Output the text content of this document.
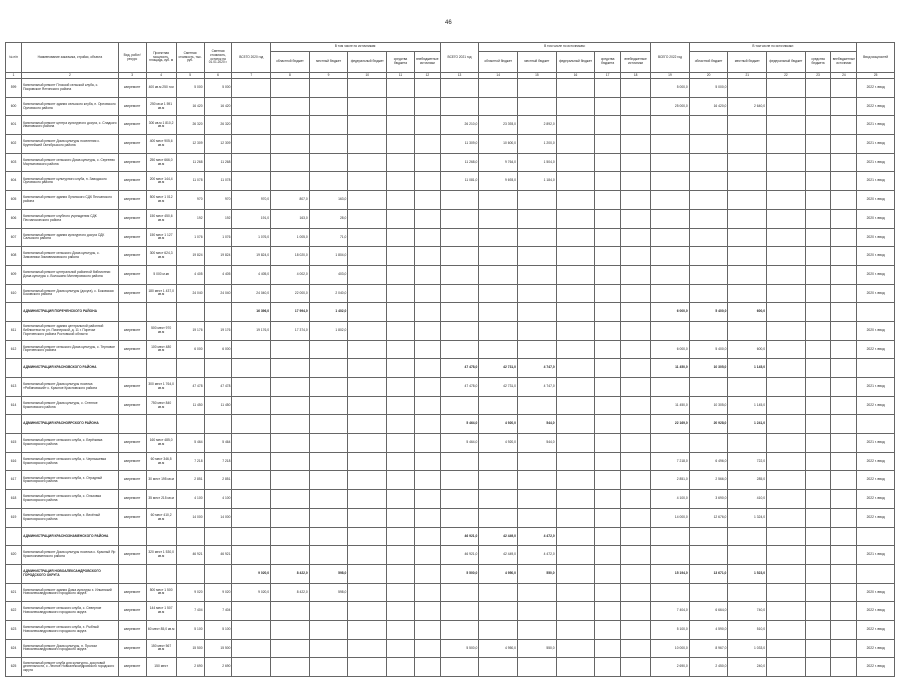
46
№ п/п	Наименование заказчика, стройки, объекта	Вид, работ/ ресурс	Проектная мощность, площадь, куб. м	Сметная стоимость, тыс. руб.	Сметная стоимость, остаток на 01.01.2020 г.	ВСЕГО 2020 год	В том числе по источникам:					ВСЕГО 2021 год	В том числе по источникам:					ВСЕГО 2022 год	В том числе по источникам:					Ввод мощностей
							областной бюджет	местный бюджет	федеральный бюджет	средства бюджета	внебюджетные источники		областной бюджет	местный бюджет	федеральный бюджет	средства бюджета	внебюджетные источники		областной бюджет	местный бюджет	федеральный бюджет	средства бюджета	внебюджетные источники	
1	2	3	4	5	6	7	8	9	10	11	12	13	14	15	16	17	18	19	20	21	22	23	24	25
599	Капитальный ремонт Плоской сельской клуба, с. Покровское Ялтинского района	капремонт	400 кв.м 250 п.м	5 000	5 000													5 000,0	5 000,0					2022 г. ввод
600	Капитальный ремонт здания сельского клуба, п. Орловского Орловского района	капремонт	250 кв.м 1 591 кв.м	16 420	16 420													25 000,0	16 420,0	2 640,0				2022 г. ввод
601	Капитальный ремонт центра культурного досуга, с. Сладкого Ивановского района	капремонт	300 кв.м 1 810,2 кв.м	26 320	26 320							26 210,0	23 393,0	2 892,0										2021 г. ввод
602	Капитальный ремонт Дома культуры поселения с. Крупнейшей Октябрьского района	капремонт	400 мест 905,6 кв.м	12 309	12 309							11 309,0	10 600,0	1 200,0										2021 г. ввод
603	Капитальный ремонт сельского Дома культуры, с. Сергеево Мартыновского района	капремонт	250 мест 666,0 кв.м	11 268	11 268							11 268,0	9 764,0	1 504,0										2021 г. ввод
604	Капитальный ремонт культурного клуба, п. Заводского Орловского района	капремонт	200 мест 144,4 кв.м	11 078	11 078							11 081,0	9 693,0	1 184,0										2021 г. ввод
605	Капитальный ремонт здания Луганского СДК Песчанского района	капремонт	500 мест 1 012 кв.м	970	970	970,0	807,0	163,0																2020 г. ввод
606	Капитальный ремонт клубного учреждения СДК Песчанокопского района	капремонт	150 мест 450,6 кв.м	192	192	191,0	163,0	28,0																2020 г. ввод
607	Капитальный ремонт здания культурного досуга СДК Сальского района	капремонт	150 мест 1 127 кв.м	1 076	1 076	1 076,0	1 005,0	71,0																2020 г. ввод
608	Капитальный ремонт сельского Дома культуры, с. Зимовники Зимовниковского района	капремонт	300 мест 624,3 кв.м	19 824	19 824	19 824,0	18 020,0	1 804,0																2020 г. ввод
609	Капитальный ремонт центральной районной библиотеки Дома культуры с. Волошино Миллеровского района	капремонт	5 000 м.кв	4 405	4 405	4 405,0	4 002,0	403,0																2020 г. ввод
610	Капитальный ремонт Дома культуры (досуга), с. Боковская Боковского района	капремонт	180 мест 1 437,0 кв.м	24 040	24 040	24 040,0	22 000,0	2 040,0																2020 г. ввод
	АДМИНИСТРАЦИЯ ПОРЕЧЕНСКОГО РАЙОНА					16 396,0	17 994,0	1 402,0										6 000,0	5 400,0	600,0				
611	Капитальный ремонт здания центральной районной библиотеки по ул. Пионерской, д. 11 г. Поречье Пореченского района Ростовской области	капремонт	500 мест 970 кв.м	19 176	19 176	19 176,0	17 374,0	1 802,0																2020 г. ввод
612	Капитальный ремонт сельского Дома культуры, с. Терновое Пореченского района	капремонт	100 мест 480 кв.м	6 000	6 000													6 000,0	5 400,0	600,0				2022 г. ввод
	АДМИНИСТРАЦИЯ КРАСНОВСКОГО РАЙОНА											47 478,0	42 731,0	4 747,0				11 450,0	10 305,0	1 145,0				
613	Капитальный ремонт Дома культуры поселка «Рябиновский» с. Красное Красновского района	капремонт	300 мест 1 764,0 кв.м	47 478	47 478							47 478,0	42 731,0	4 747,0										2021 г. ввод
614	Капитальный ремонт Дома культуры, с. Степное Красновского района	капремонт	750 мест 840 кв.м	11 450	11 450													11 450,0	10 305,0	1 145,0				2022 г. ввод
	АДМИНИСТРАЦИЯ КРАСНОЯРСКОГО РАЙОНА											5 464,0	4 920,0	544,0				22 169,0	20 928,0	1 241,0				
615	Капитальный ремонт сельского клуба, с. Берёзовка Красноярского района	капремонт	160 мест 485,0 кв.м	5 464	5 464							5 464,0	4 920,0	544,0										2021 г. ввод
616	Капитальный ремонт сельского клуба, с. Чернышевка Красноярского района	капремонт	60 мест 346,5 кв.м	7 218	7 218													7 218,0	6 496,0	722,0				2022 г. ввод
617	Капитальный ремонт сельского клуба, х. Отрадный Красноярского района	капремонт	30 мест 195 кв.м	2 851	2 851													2 851,0	2 566,0	285,0				2022 г. ввод
618	Капитальный ремонт сельского клуба, с. Ольховка Красноярского района	капремонт	35 мест 215 кв.м	4 100	4 100													4 100,0	3 690,0	410,0				2022 г. ввод
619	Капитальный ремонт сельского клуба, х. Весёлый Красноярского района	капремонт	60 мест 410,2 кв.м	14 000	14 000													14 000,0	12 676,0	1 324,0				2022 г. ввод
	АДМИНИСТРАЦИЯ КРАСНОЗНАМЕНСКОГО РАЙОНА											46 921,0	42 449,0	4 472,0										
620	Капитальный ремонт Дома культуры поселка с. Красный Яр Краснознаменского района	капремонт	320 мест 1 530,0 кв.м	46 921	46 921							46 921,0	42 449,0	4 472,0										2021 г. ввод
	АДМИНИСТРАЦИЯ НОВОАЛЕКСАНДРОВСКОГО ГОРОДСКОГО ОКРУГА					9 020,0	8 422,0	598,0				5 500,0	4 950,0	550,0				15 194,0	13 671,0	1 523,0				
621	Капитальный ремонт здания Дома культуры х. Ильинский Новоалександровского городского округа	капремонт	500 мест 1 500 кв.м	9 020	9 020	9 020,0	8 422,0	598,0																2020 г. ввод
622	Капитальный ремонт сельского клуба, с. Северное Новоалександровского городского округа	капремонт	144 мест 1 507 кв.м	7 404	7 404													7 404,0	6 664,0	740,0				2022 г. ввод
623	Капитальный ремонт сельского клуба, х. Рыбный Новоалександровского городского округа	капремонт	60 мест 85,0 кв.м	5 100	5 100													5 100,0	4 590,0	510,0				2022 г. ввод
624	Капитальный ремонт Дома культуры, п. Пролом Новоалександровского городского округа	капремонт	150 мест 567 кв.м	15 500	15 500							5 500,0	4 950,0	550,0				10 000,0	8 967,0	1 033,0				2022 г. ввод
625	Капитальный ремонт клуба для культурно- досуговой деятельности, с. Лесное Новоалександровского городского округа	капремонт	150 мест	2 690	2 690													2 690,0	2 450,0	240,0				2022 г. ввод
